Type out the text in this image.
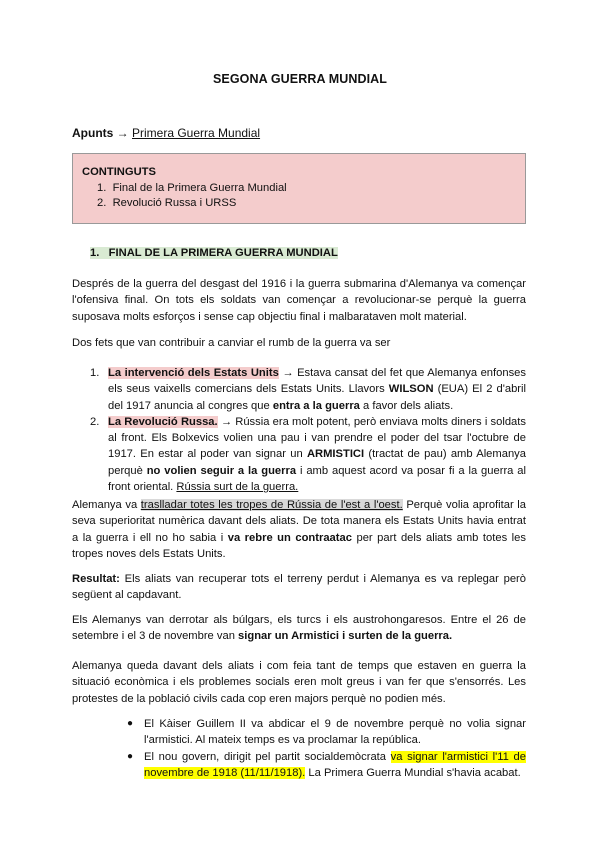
SEGONA GUERRA MUNDIAL
Apunts → Primera Guerra Mundial
CONTINGUTS
1. Final de la Primera Guerra Mundial
2. Revolució Russa i URSS
1. FINAL DE LA PRIMERA GUERRA MUNDIAL
Després de la guerra del desgast del 1916 i la guerra submarina d'Alemanya va començar l'ofensiva final. On tots els soldats van començar a revolucionar-se perquè la guerra suposava molts esforços i sense cap objectiu final i malbarataven molt material.
Dos fets que van contribuir a canviar el rumb de la guerra va ser
1. La intervenció dels Estats Units → Estava cansat del fet que Alemanya enfonses els seus vaixells comercians dels Estats Units. Llavors WILSON (EUA) El 2 d'abril del 1917 anuncia al congres que entra a la guerra a favor dels aliats.
2. La Revolució Russa. → Rússia era molt potent, però enviava molts diners i soldats al front. Els Bolxevics volien una pau i van prendre el poder del tsar l'octubre de 1917. En estar al poder van signar un ARMISTICI (tractat de pau) amb Alemanya perquè no volien seguir a la guerra i amb aquest acord va posar fi a la guerra al front oriental. Rússia surt de la guerra.
Alemanya va traslladar totes les tropes de Rússia de l'est a l'oest. Perquè volia aprofitar la seva superioritat numèrica davant dels aliats. De tota manera els Estats Units havia entrat a la guerra i ell no ho sabia i va rebre un contraatac per part dels aliats amb totes les tropes noves dels Estats Units.
Resultat: Els aliats van recuperar tots el terreny perdut i Alemanya es va replegar però següent al capdavant.
Els Alemanys van derrotar als búlgars, els turcs i els austrohongaresos. Entre el 26 de setembre i el 3 de novembre van signar un Armistici i surten de la guerra.
Alemanya queda davant dels aliats i com feia tant de temps que estaven en guerra la situació econòmica i els problemes socials eren molt greus i van fer que s'ensorrés. Les protestes de la població civils cada cop eren majors perquè no podien més.
● El Kàiser Guillem II va abdicar el 9 de novembre perquè no volia signar l'armistici. Al mateix temps es va proclamar la república.
● El nou govern, dirigit pel partit socialdemòcrata va signar l'armistici l'11 de novembre de 1918 (11/11/1918). La Primera Guerra Mundial s'havia acabat.
